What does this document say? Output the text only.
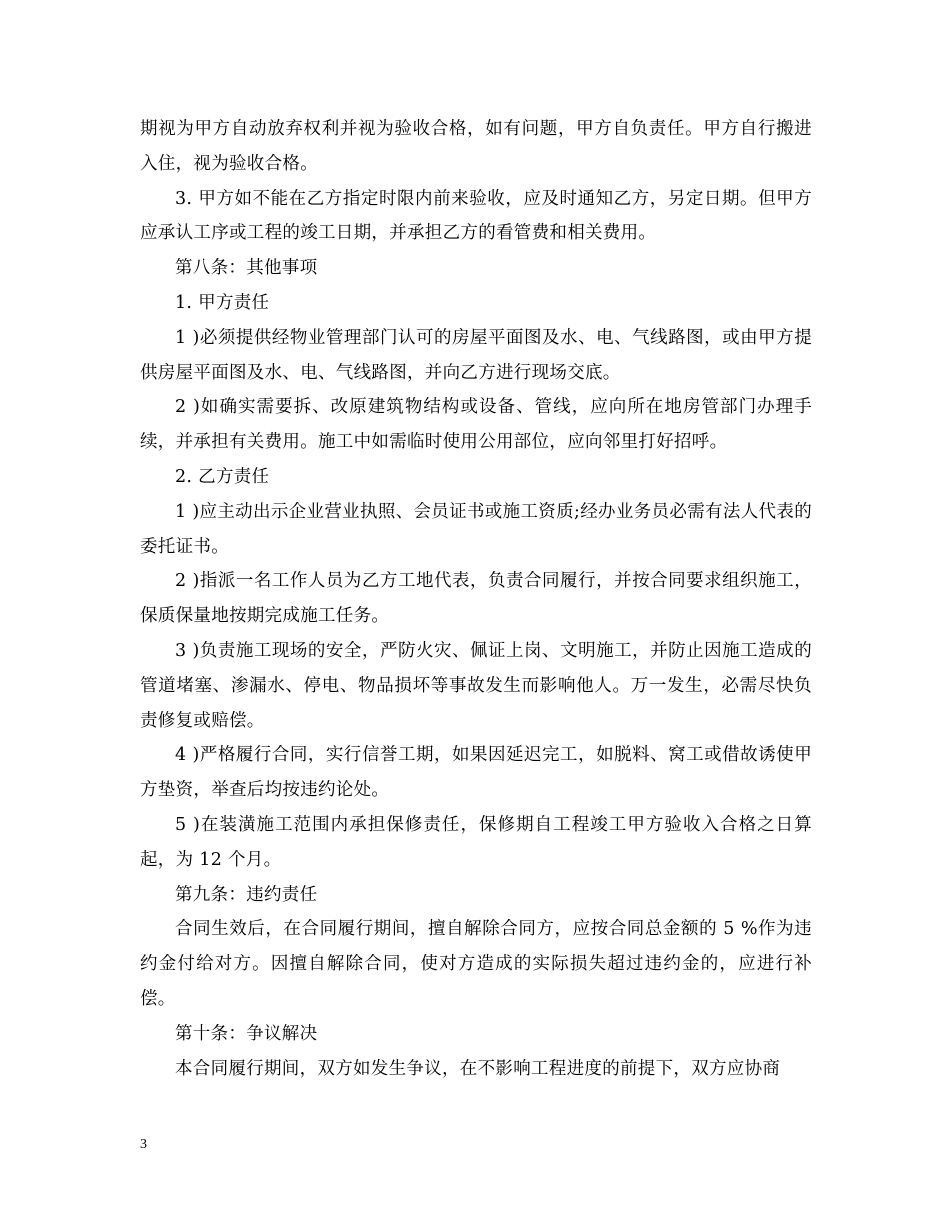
期视为甲方自动放弃权利并视为验收合格，如有问题，甲方自负责任。甲方自行搬进入住，视为验收合格。

3. 甲方如不能在乙方指定时限内前来验收，应及时通知乙方，另定日期。但甲方应承认工序或工程的竣工日期，并承担乙方的看管费和相关费用。

第八条：其他事项

1. 甲方责任

1 )必须提供经物业管理部门认可的房屋平面图及水、电、气线路图，或由甲方提供房屋平面图及水、电、气线路图，并向乙方进行现场交底。

2 )如确实需要拆、改原建筑物结构或设备、管线，应向所在地房管部门办理手续，并承担有关费用。施工中如需临时使用公用部位，应向邻里打好招呼。

2. 乙方责任

1 )应主动出示企业营业执照、会员证书或施工资质;经办业务员必需有法人代表的委托证书。

2 )指派一名工作人员为乙方工地代表，负责合同履行，并按合同要求组织施工，保质保量地按期完成施工任务。

3 )负责施工现场的安全，严防火灾、佩证上岗、文明施工，并防止因施工造成的管道堵塞、渗漏水、停电、物品损坏等事故发生而影响他人。万一发生，必需尽快负责修复或赔偿。

4 )严格履行合同，实行信誉工期，如果因延迟完工，如脱料、窝工或借故诱使甲方垫资，举查后均按违约论处。

5 )在装潢施工范围内承担保修责任，保修期自工程竣工甲方验收入合格之日算起，为 12 个月。

第九条：违约责任

合同生效后，在合同履行期间，擅自解除合同方，应按合同总金额的 5 %作为违约金付给对方。因擅自解除合同，使对方造成的实际损失超过违约金的，应进行补偿。

第十条：争议解决

本合同履行期间，双方如发生争议，在不影响工程进度的前提下，双方应协商

3
